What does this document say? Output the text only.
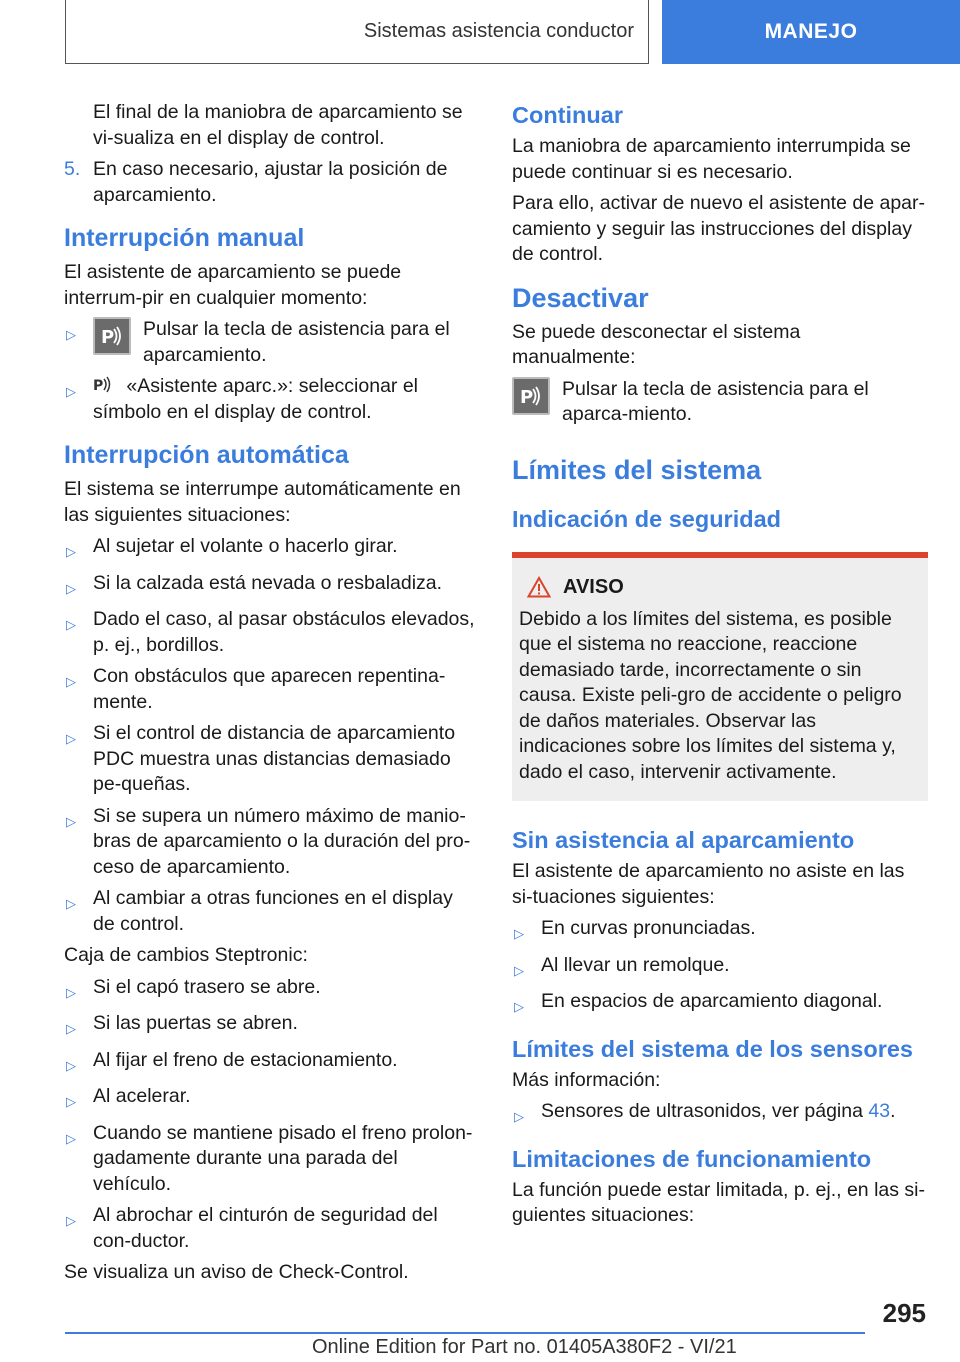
Sistemas asistencia conductor	MANEJO

El final de la maniobra de aparcamiento se vi-sualiza en el display de control.

5. En caso necesario, ajustar la posición de aparcamiento.
Interrupción manual

El asistente de aparcamiento se puede interrum-pir en cualquier momento:

▷	P Pulsar la tecla de asistencia para el aparcamiento.
▷	P «Asistente aparc.»: seleccionar el símbolo en el display de control.
Interrupción automática

El sistema se interrumpe automáticamente en las siguientes situaciones:

▷ Al sujetar el volante o hacerlo girar.
▷ Si la calzada está nevada o resbaladiza.
▷ Dado el caso, al pasar obstáculos elevados, p. ej., bordillos.
▷ Con obstáculos que aparecen repentina-mente.
▷ Si el control de distancia de aparcamiento PDC muestra unas distancias demasiado pe-queñas.
▷ Si se supera un número máximo de manio-bras de aparcamiento o la duración del pro-ceso de aparcamiento.
▷ Al cambiar a otras funciones en el display de control.

Caja de cambios Steptronic:

▷ Si el capó trasero se abre.
▷ Si las puertas se abren.
▷ Al fijar el freno de estacionamiento.
▷ Al acelerar.
▷ Cuando se mantiene pisado el freno prolon-gadamente durante una parada del vehículo.
▷ Al abrochar el cinturón de seguridad del con-ductor.

Se visualiza un aviso de Check-Control.

Continuar

La maniobra de aparcamiento interrumpida se puede continuar si es necesario.

Para ello, activar de nuevo el asistente de apar-camiento y seguir las instrucciones del display de control.

Desactivar

Se puede desconectar el sistema manualmente:

P Pulsar la tecla de asistencia para el aparca-miento.
Límites del sistema
Indicación de seguridad
AVISO

Debido a los límites del sistema, es posible que el sistema no reaccione, reaccione demasiado tarde, incorrectamente o sin causa. Existe peli-gro de accidente o peligro de daños materiales. Observar las indicaciones sobre los límites del sistema y, dado el caso, intervenir activamente.

Sin asistencia al aparcamiento

El asistente de aparcamiento no asiste en las si-tuaciones siguientes:

▷ En curvas pronunciadas.
▷ Al llevar un remolque.
▷ En espacios de aparcamiento diagonal.
Límites del sistema de los sensores

Más información:

▷ Sensores de ultrasonidos, ver página 43.
Limitaciones de funcionamiento

La función puede estar limitada, p. ej., en las si-guientes situaciones:

295
Online Edition for Part no. 01405A380F2 - VI/21
